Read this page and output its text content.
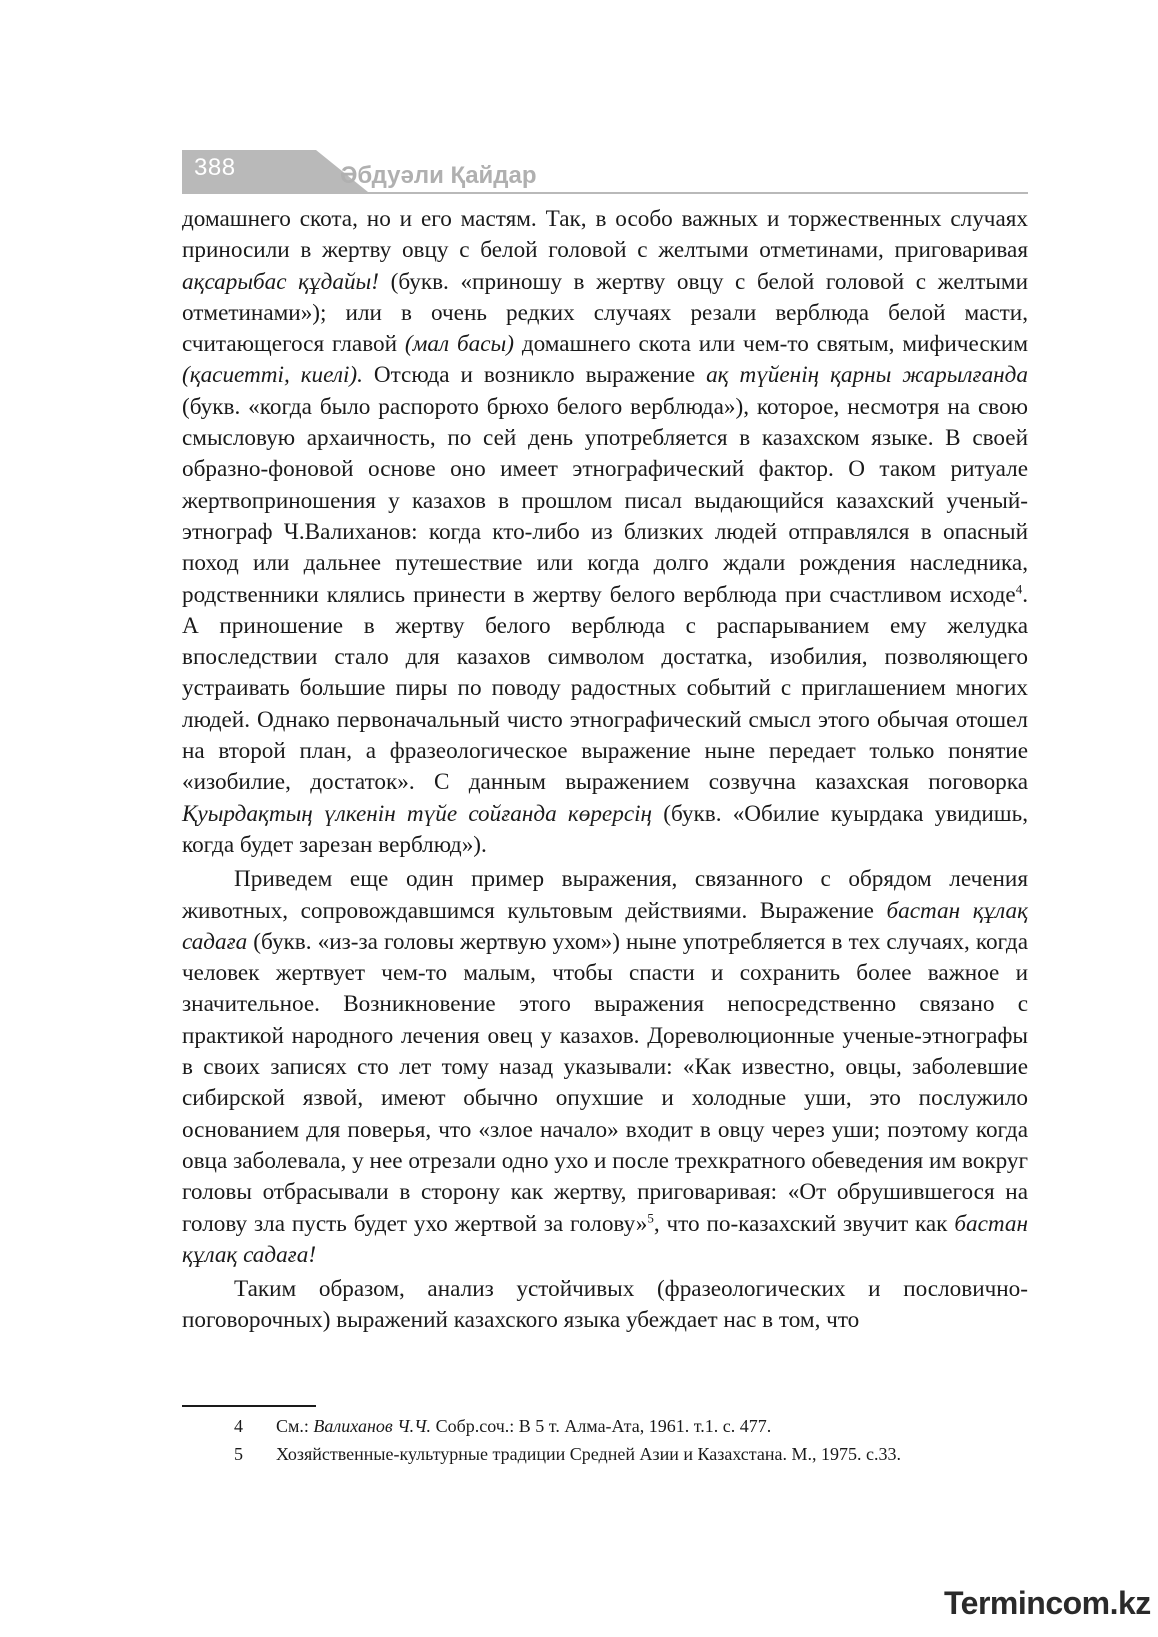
388	Әбдуәли Қайдар

домашнего скота, но и его мастям. Так, в особо важных и торжественных случаях приносили в жертву овцу с белой головой с желтыми отметинами, приговаривая ақсарыбас құдайы! (букв. «приношу в жертву овцу с белой головой с желтыми отметинами»); или в очень редких случаях резали верблюда белой масти, считающегося главой (мал басы) домашнего скота или чем-то святым, мифическим (қасиетті, киелі). Отсюда и возникло выражение ақ түйенің қарны жарылғанда (букв. «когда было распорото брюхо белого верблюда»), которое, несмотря на свою смысловую архаичность, по сей день употребляется в казахском языке. В своей образно-фоновой основе оно имеет этнографический фактор. О таком ритуале жертвоприношения у казахов в прошлом писал выдающийся казахский ученый-этнограф Ч.Валиханов: когда кто-либо из близких людей отправлялся в опасный поход или дальнее путешествие или когда долго ждали рождения наследника, родственники клялись принести в жертву белого верблюда при счастливом исходе$^4$. А приношение в жертву белого верблюда с распарыванием ему желудка впоследствии стало для казахов символом достатка, изобилия, позволяющего устраивать большие пиры по поводу радостных событий с приглашением многих людей. Однако первоначальный чисто этнографический смысл этого обычая отошел на второй план, а фразеологическое выражение ныне передает только понятие «изобилие, достаток». С данным выражением созвучна казахская поговорка Қуырдақтың үлкенін түйе сойғанда көрерсің (букв. «Обилие куырдака увидишь, когда будет зарезан верблюд»).

Приведем еще один пример выражения, связанного с обрядом лечения животных, сопровождавшимся культовым действиями. Выражение бастан құлақ садаға (букв. «из-за головы жертвую ухом») ныне употребляется в тех случаях, когда человек жертвует чем-то малым, чтобы спасти и сохранить более важное и значительное. Возникновение этого выражения непосредственно связано с практикой народного лечения овец у казахов. Дореволюционные ученые-этнографы в своих записях сто лет тому назад указывали: «Как известно, овцы, заболевшие сибирской язвой, имеют обычно опухшие и холодные уши, это послужило основанием для поверья, что «злое начало» входит в овцу через уши; поэтому когда овца заболевала, у нее отрезали одно ухо и после трехкратного обеведения им вокруг головы отбрасывали в сторону как жертву, приговаривая: «От обрушившегося на голову зла пусть будет ухо жертвой за голову»$^5$, что по-казахский звучит как бастан құлақ садаға!

Таким образом, анализ устойчивых (фразеологических и пословично-поговорочных) выражений казахского языка убеждает нас в том, что

4 См.: Валиханов Ч.Ч. Собр.соч.: В 5 т. Алма-Ата, 1961. т.1. с. 477.
5 Хозяйственные-культурные традиции Средней Азии и Казахстана. М., 1975. с.33.
Termincom.kz
